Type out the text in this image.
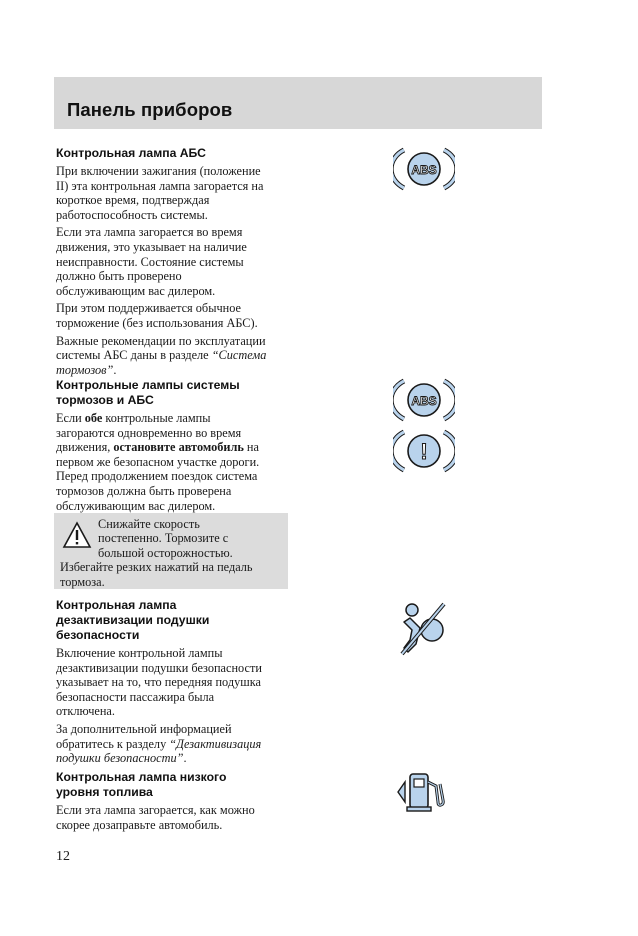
Панель приборов

Контрольная лампа АБС

При включении зажигания (положение
II) эта контрольная лампа загорается на
короткое время, подтверждая
работоспособность системы.

Если эта лампа загорается во время
движения, это указывает на наличие
неисправности. Состояние системы
должно быть проверено
обслуживающим вас дилером.

При этом поддерживается обычное
торможение (без использования АБС).

Важные рекомендации по эксплуатации
системы АБС даны в разделе “Система
тормозов”.

ABS

Контрольные лампы системы
тормозов и АБС

Если обе контрольные лампы
загораются одновременно во время
движения, остановите автомобиль на
первом же безопасном участке дороги.
Перед продолжением поездок система
тормозов должна быть проверена
обслуживающим вас дилером.

ABS
!
Снижайте скорость
постепенно. Тормозите с
большой осторожностью.
Избегайте резких нажатий на педаль
тормоза.

Контрольная лампа
дезактивизации подушки
безопасности

Включение контрольной лампы
дезактивизации подушки безопасности
указывает на то, что передняя подушка
безопасности пассажира была
отключена.

За дополнительной информацией
обратитесь к разделу “Дезактивизация
подушки безопасности”.

Контрольная лампа низкого
уровня топлива

Если эта лампа загорается, как можно
скорее дозаправьте автомобиль.

12
